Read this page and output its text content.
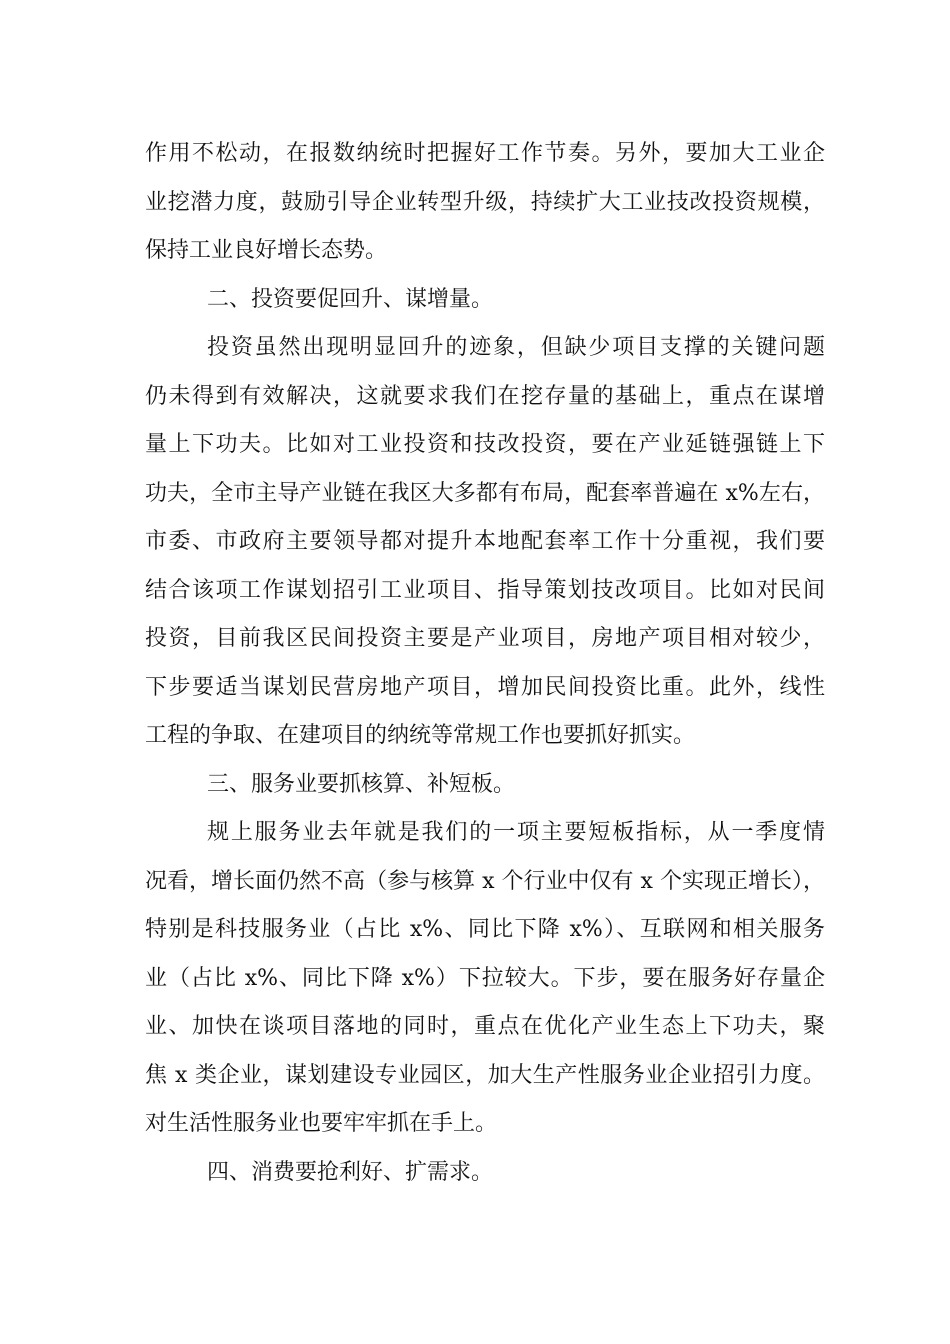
作用不松动，在报数纳统时把握好工作节奏。另外，要加大工业企
业挖潜力度，鼓励引导企业转型升级，持续扩大工业技改投资规模，
保持工业良好增长态势。
二、投资要促回升、谋增量。
投资虽然出现明显回升的迹象，但缺少项目支撑的关键问题
仍未得到有效解决，这就要求我们在挖存量的基础上，重点在谋增
量上下功夫。比如对工业投资和技改投资，要在产业延链强链上下
功夫，全市主导产业链在我区大多都有布局，配套率普遍在 x%左右，
市委、市政府主要领导都对提升本地配套率工作十分重视，我们要
结合该项工作谋划招引工业项目、指导策划技改项目。比如对民间
投资，目前我区民间投资主要是产业项目，房地产项目相对较少，
下步要适当谋划民营房地产项目，增加民间投资比重。此外，线性
工程的争取、在建项目的纳统等常规工作也要抓好抓实。
三、服务业要抓核算、补短板。
规上服务业去年就是我们的一项主要短板指标，从一季度情
况看，增长面仍然不高（参与核算 x 个行业中仅有 x 个实现正增长），
特别是科技服务业（占比 x%、同比下降 x%）、互联网和相关服务
业（占比 x%、同比下降 x%）下拉较大。下步，要在服务好存量企
业、加快在谈项目落地的同时，重点在优化产业生态上下功夫，聚
焦 x 类企业，谋划建设专业园区，加大生产性服务业企业招引力度。
对生活性服务业也要牢牢抓在手上。
四、消费要抢利好、扩需求。
